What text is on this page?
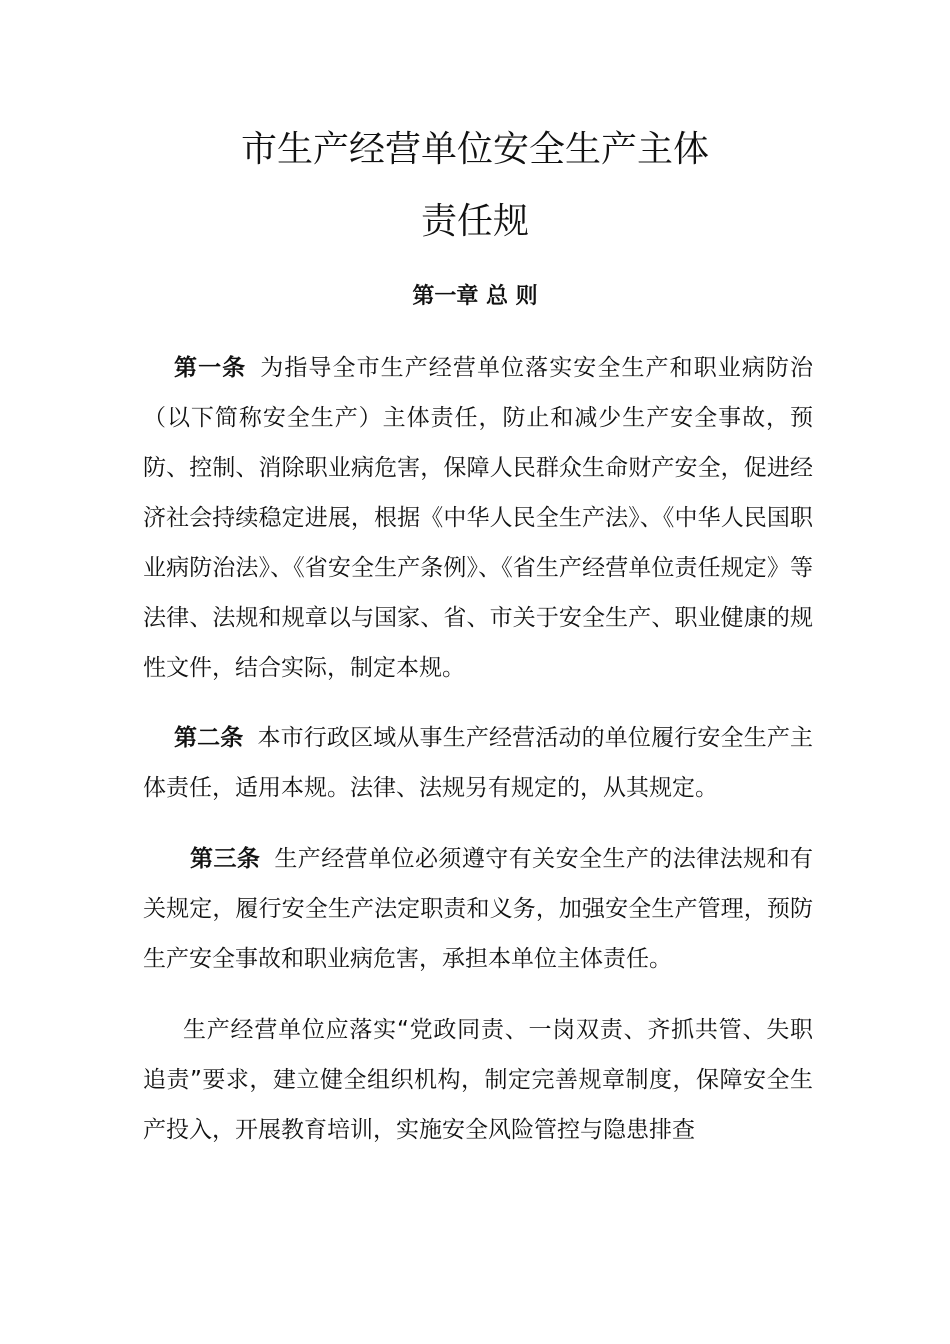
市生产经营单位安全生产主体
责任规
第一章 总 则

第一条 为指导全市生产经营单位落实安全生产和职业病防治（以下简称安全生产）主体责任，防止和减少生产安全事故，预防、控制、消除职业病危害，保障人民群众生命财产安全，促进经济社会持续稳定进展，根据《中华人民全生产法》、《中华人民国职业病防治法》、《省安全生产条例》、《省生产经营单位责任规定》等法律、法规和规章以与国家、省、市关于安全生产、职业健康的规性文件，结合实际，制定本规。

第二条 本市行政区域从事生产经营活动的单位履行安全生产主体责任，适用本规。法律、法规另有规定的，从其规定。

第三条 生产经营单位必须遵守有关安全生产的法律法规和有关规定，履行安全生产法定职责和义务，加强安全生产管理，预防生产安全事故和职业病危害，承担本单位主体责任。

生产经营单位应落实“党政同责、一岗双责、齐抓共管、失职追责”要求，建立健全组织机构，制定完善规章制度，保障安全生产投入，开展教育培训，实施安全风险管控与隐患排查
